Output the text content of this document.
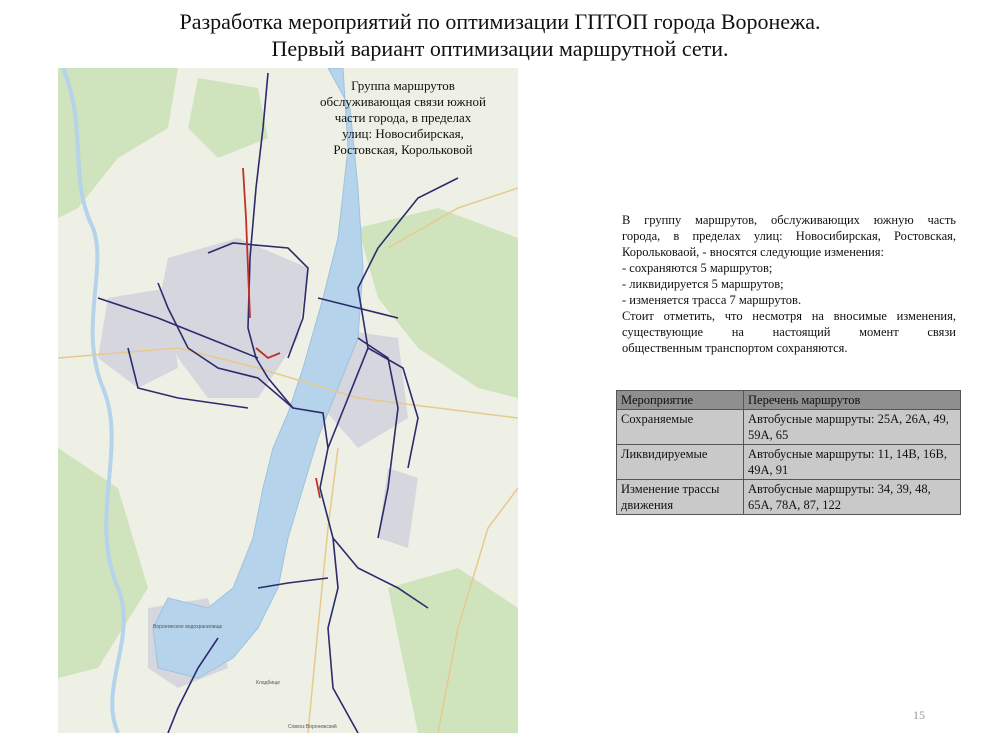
Разработка мероприятий по оптимизации ГПТОП города Воронежа.
Первый вариант оптимизации маршрутной сети.
Воронежское водохранилище
Кладбище
Совхоз Воронежский
Группа маршрутов
обслуживающая связи южной
части города, в пределах
улиц: Новосибирская,
Ростовская, Корольковой

В группу маршрутов, обслуживающих южную часть

города, в пределах улиц: Новосибирская, Ростовская,

Корольковаой, - вносятся следующие изменения:

- сохраняются 5 маршрутов;

- ликвидируется 5 маршрутов;

- изменяется трасса 7 маршрутов.

Стоит отметить, что несмотря на вносимые изменения,

существующие на настоящий момент связи

общественным транспортом сохраняются.

Мероприятие	Перечень маршрутов
Сохраняемые	Автобусные маршруты: 25А, 26А, 49, 59А, 65
Ликвидируемые	Автобусные маршруты: 11, 14В, 16В, 49А, 91
Изменение трассы движения	Автобусные маршруты: 34, 39, 48, 65А, 78А, 87, 122
15
